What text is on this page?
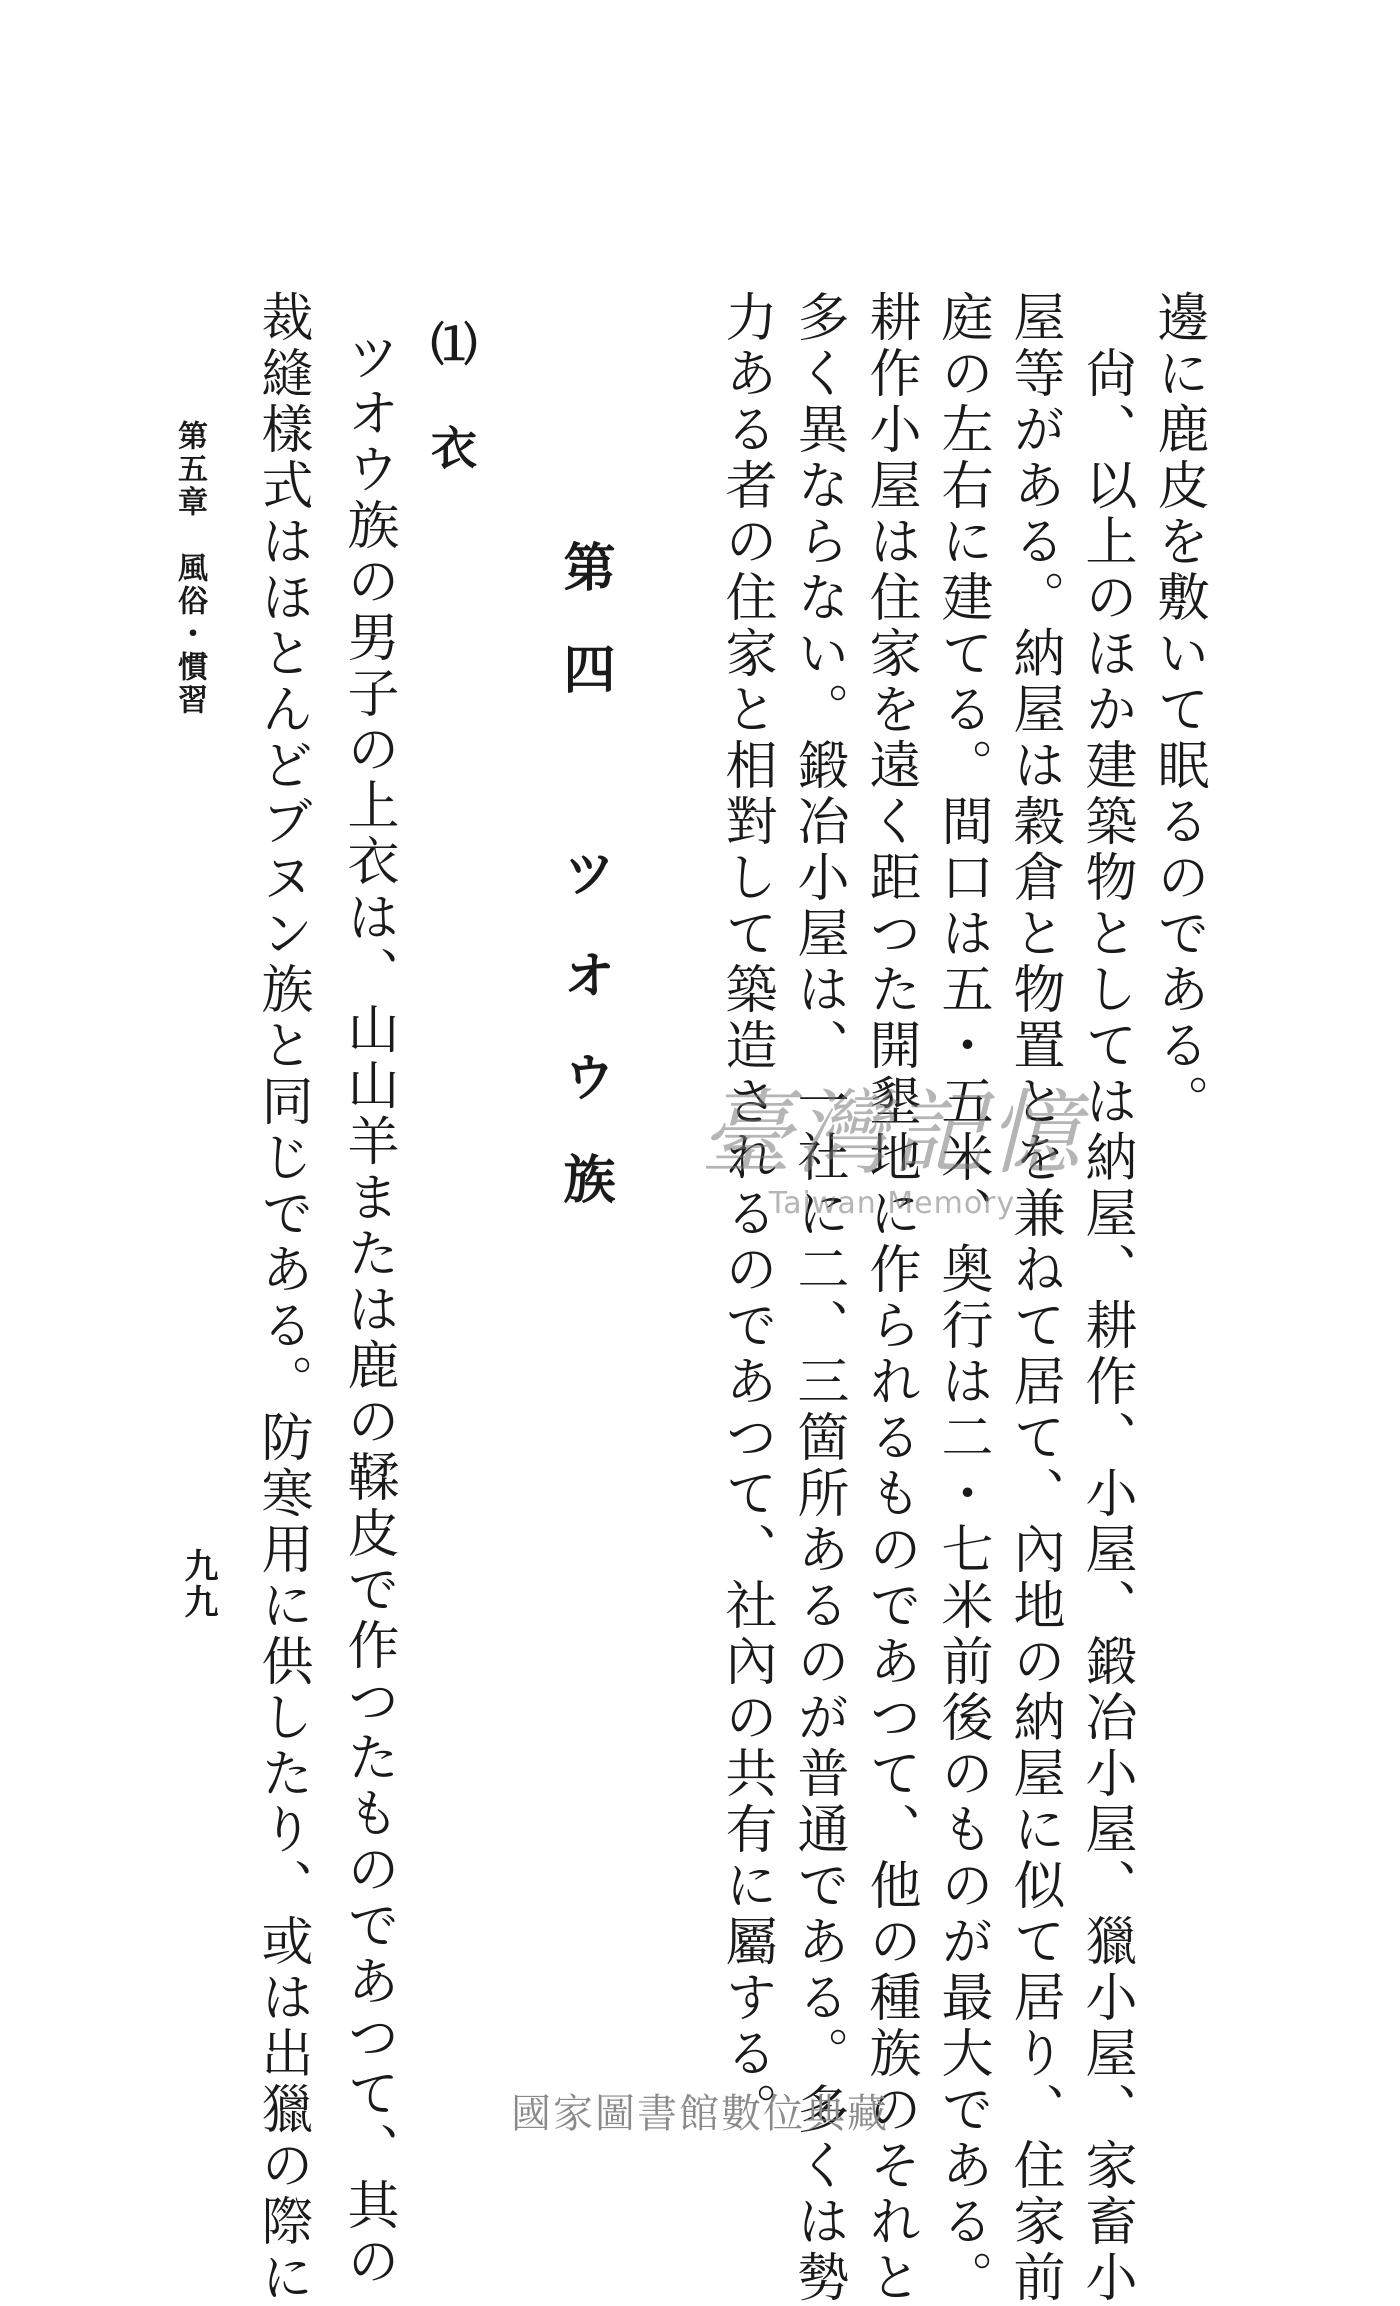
邊に鹿皮を敷いて眠るのである。
　尙、以上のほか建築物としては納屋、耕作、小屋、鍛冶小屋、獵小屋、家畜小
屋等がある。納屋は穀倉と物置とを兼ねて居て、內地の納屋に似て居り、住家前
庭の左右に建てる。間口は五・五米、奥行は二・七米前後のものが最大である。
耕作小屋は住家を遠く距つた開墾地に作られるものであつて、他の種族のそれと
多く異ならない。鍛冶小屋は、一社に二、三箇所あるのが普通である。多くは勢
力ある者の住家と相對して築造されるのであつて、社內の共有に屬する。
第四　ツオウ族
⑴　衣
ツオウ族の男子の上衣は、山山羊または鹿の鞣皮で作つたものであつて、其の
裁縫樣式はほとんどブヌン族と同じである。防寒用に供したり、或は出獵の際に
第五章　風俗・慣習
九九
臺灣記憶
Taiwan Memory
國家圖書館數位典藏
